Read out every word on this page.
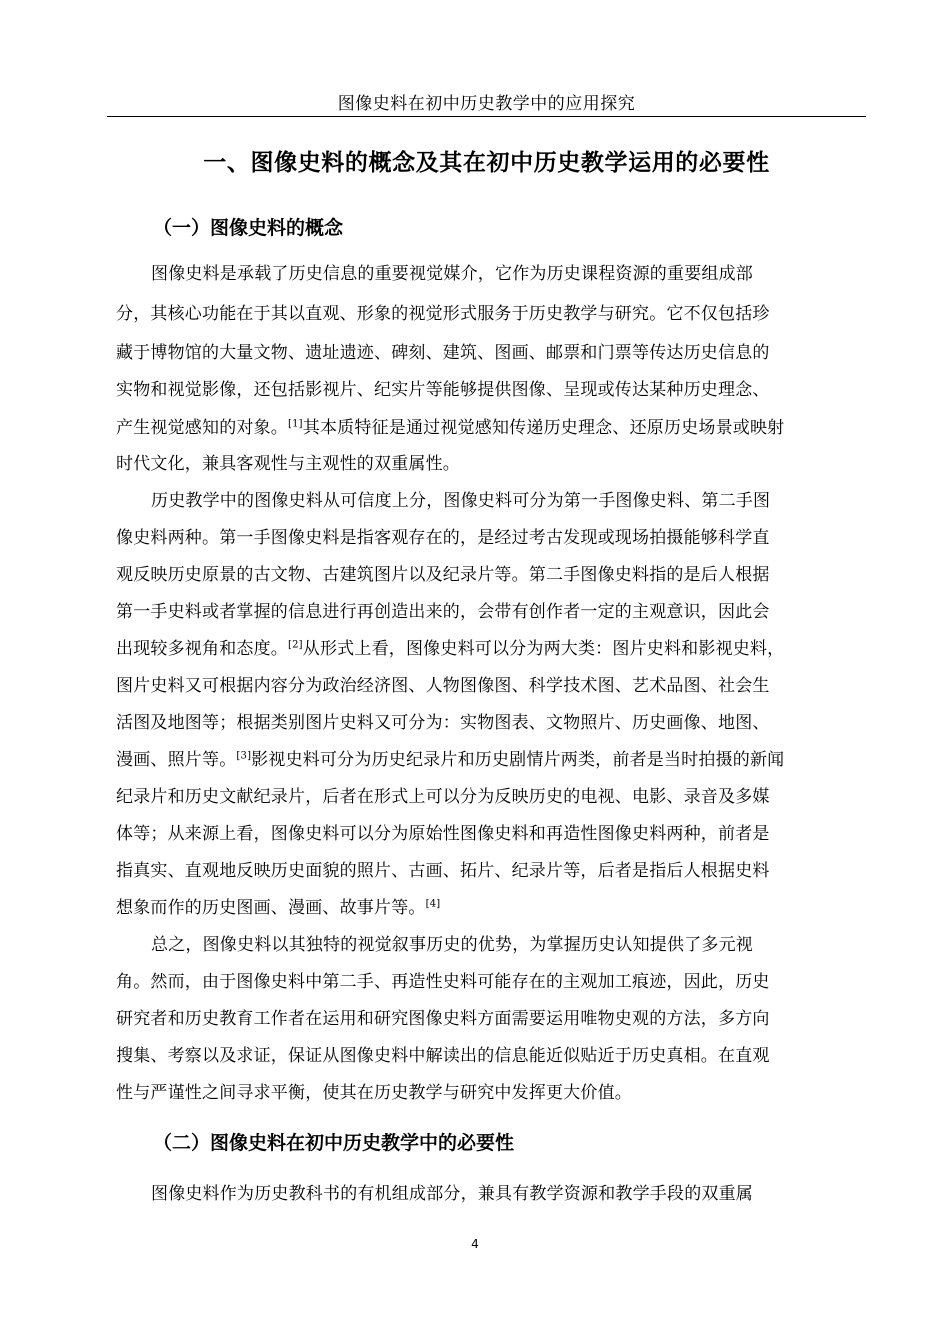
图像史料在初中历史教学中的应用探究
一、图像史料的概念及其在初中历史教学运用的必要性
（一）图像史料的概念
图像史料是承载了历史信息的重要视觉媒介，它作为历史课程资源的重要组成部
分，其核心功能在于其以直观、形象的视觉形式服务于历史教学与研究。它不仅包括珍
藏于博物馆的大量文物、遗址遗迹、碑刻、建筑、图画、邮票和门票等传达历史信息的
实物和视觉影像，还包括影视片、纪实片等能够提供图像、呈现或传达某种历史理念、
产生视觉感知的对象。[1]其本质特征是通过视觉感知传递历史理念、还原历史场景或映射
时代文化，兼具客观性与主观性的双重属性。
历史教学中的图像史料从可信度上分，图像史料可分为第一手图像史料、第二手图
像史料两种。第一手图像史料是指客观存在的，是经过考古发现或现场拍摄能够科学直
观反映历史原景的古文物、古建筑图片以及纪录片等。第二手图像史料指的是后人根据
第一手史料或者掌握的信息进行再创造出来的，会带有创作者一定的主观意识，因此会
出现较多视角和态度。[2]从形式上看，图像史料可以分为两大类：图片史料和影视史料，
图片史料又可根据内容分为政治经济图、人物图像图、科学技术图、艺术品图、社会生
活图及地图等；根据类别图片史料又可分为：实物图表、文物照片、历史画像、地图、
漫画、照片等。[3]影视史料可分为历史纪录片和历史剧情片两类，前者是当时拍摄的新闻
纪录片和历史文献纪录片，后者在形式上可以分为反映历史的电视、电影、录音及多媒
体等；从来源上看，图像史料可以分为原始性图像史料和再造性图像史料两种，前者是
指真实、直观地反映历史面貌的照片、古画、拓片、纪录片等，后者是指后人根据史料
想象而作的历史图画、漫画、故事片等。[4]
总之，图像史料以其独特的视觉叙事历史的优势，为掌握历史认知提供了多元视
角。然而，由于图像史料中第二手、再造性史料可能存在的主观加工痕迹，因此，历史
研究者和历史教育工作者在运用和研究图像史料方面需要运用唯物史观的方法，多方向
搜集、考察以及求证，保证从图像史料中解读出的信息能近似贴近于历史真相。在直观
性与严谨性之间寻求平衡，使其在历史教学与研究中发挥更大价值。
图像史料作为历史教科书的有机组成部分，兼具有教学资源和教学手段的双重属
（二）图像史料在初中历史教学中的必要性
4
